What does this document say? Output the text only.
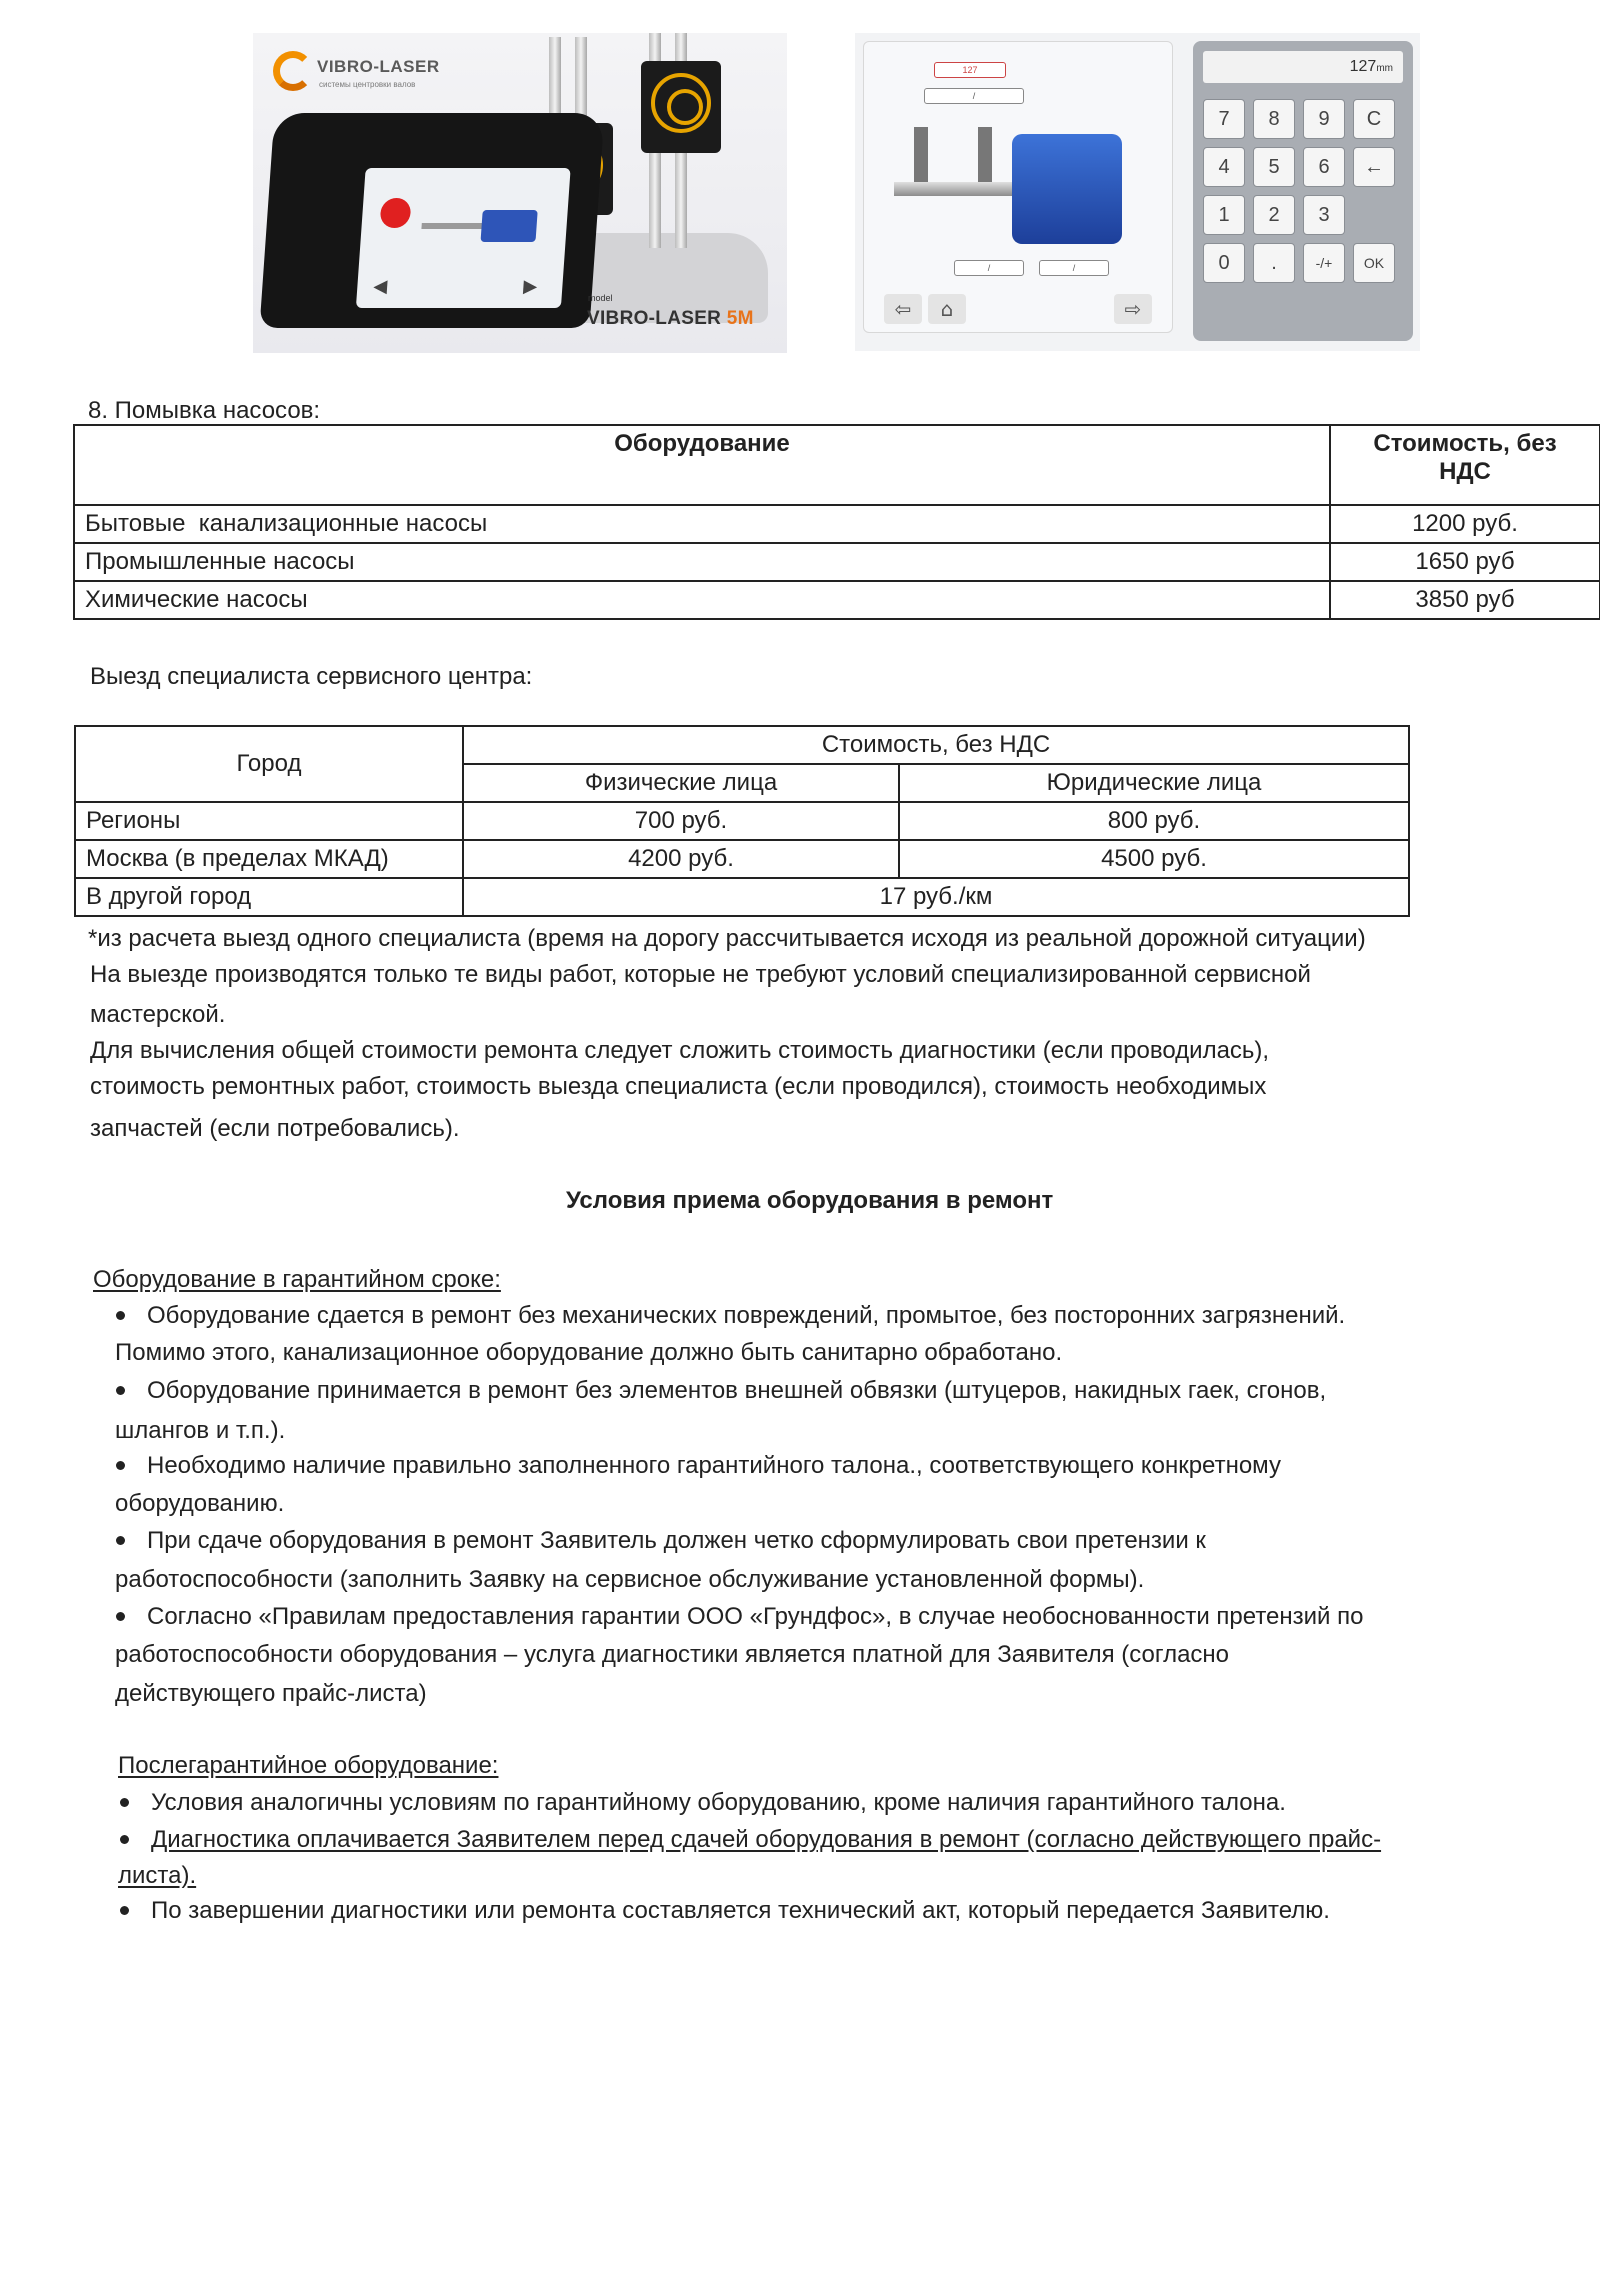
VIBRO-LASER
системы центровки валов
◀	▶
model
VIBRO-LASER 5M
127
/
/	/
⇦	⌂	⇨
127mm
7	8	9	C
4	5	6	←
1	2	3
0	.	-/+	OK
8. Помывка насосов:
Оборудование	Стоимость, без
НДС
Бытовые  канализационные насосы	1200 руб.
Промышленные насосы	1650 руб
Химические насосы	3850 руб
Выезд специалиста сервисного центра:
Город	Стоимость, без НДС	
	Физические лица	Юридические лица
Регионы	700 руб.	800 руб.
Москва (в пределах МКАД)	4200 руб.	4500 руб.
В другой город	17 руб./км	
*из расчета выезд одного специалиста (время на дорогу рассчитывается исходя из реальной дорожной ситуации)
На выезде производятся только те виды работ, которые не требуют условий специализированной сервисной
мастерской.
Для вычисления общей стоимости ремонта следует сложить стоимость диагностики (если проводилась),
стоимость ремонтных работ, стоимость выезда специалиста (если проводился), стоимость необходимых
запчастей (если потребовались).
Условия приема оборудования в ремонт
Оборудование в гарантийном сроке:
Оборудование сдается в ремонт без механических повреждений, промытое, без посторонних загрязнений.
Помимо этого, канализационное оборудование должно быть санитарно обработано.
Оборудование принимается в ремонт без элементов внешней обвязки (штуцеров, накидных гаек, сгонов,
шлангов и т.п.).
Необходимо наличие правильно заполненного гарантийного талона., соответствующего конкретному
оборудованию.
При сдаче оборудования в ремонт Заявитель должен четко сформулировать свои претензии к
работоспособности (заполнить Заявку на сервисное обслуживание установленной формы).
Согласно «Правилам предоставления гарантии ООО «Грундфос», в случае необоснованности претензий по
работоспособности оборудования – услуга диагностики является платной для Заявителя (согласно
действующего прайс-листа)
Послегарантийное оборудование:
Условия аналогичны условиям по гарантийному оборудованию, кроме наличия гарантийного талона.
Диагностика оплачивается Заявителем перед сдачей оборудования в ремонт (согласно действующего прайс-
листа).
По завершении диагностики или ремонта составляется технический акт, который передается Заявителю.
